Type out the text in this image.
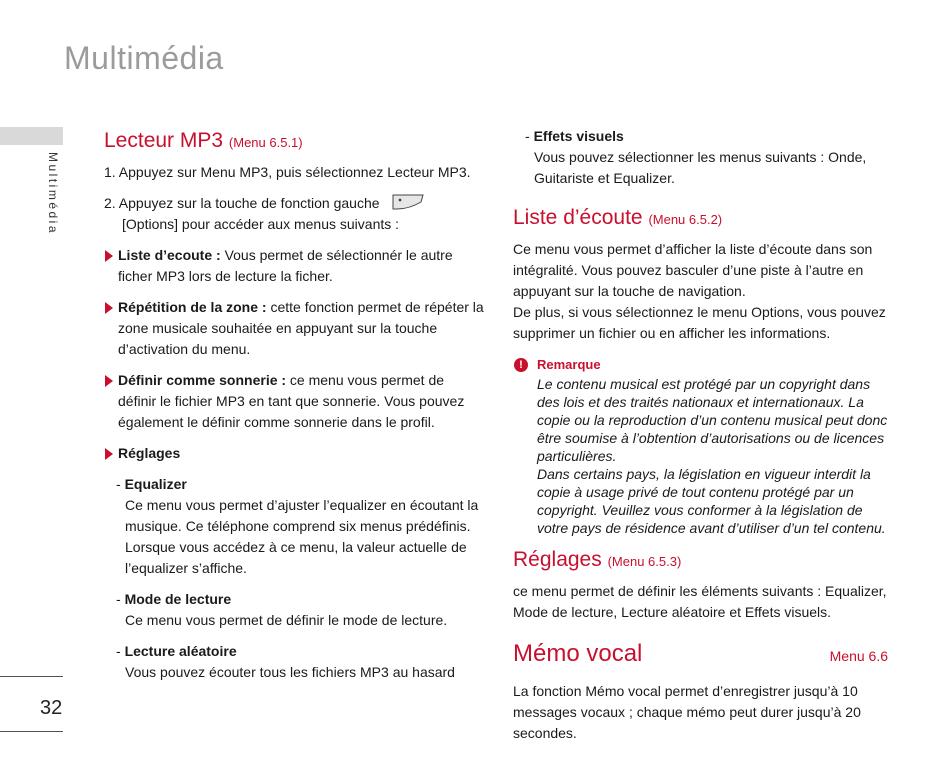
Multimédia
Multimédia
32
Lecteur MP3 (Menu 6.5.1)

1. Appuyez sur Menu MP3, puis sélectionnez Lecteur MP3.

2. Appuyez sur la touche de fonction gauche

[Options] pour accéder aux menus suivants :

Liste d’ecoute : Vous permet de sélectionnér le autre ficher MP3 lors de lecture la ficher.
Répétition de la zone : cette fonction permet de répéter la zone musicale souhaitée en appuyant sur la touche d’activation du menu.
Définir comme sonnerie : ce menu vous permet de définir le fichier MP3 en tant que sonnerie. Vous pouvez également le définir comme sonnerie dans le profil.
Réglages

- Equalizer

Ce menu vous permet d’ajuster l’equalizer en écoutant la musique. Ce téléphone comprend six menus prédéfinis. Lorsque vous accédez à ce menu, la valeur actuelle de l’equalizer s’affiche.

- Mode de lecture

Ce menu vous permet de définir le mode de lecture.

- Lecture aléatoire

Vous pouvez écouter tous les fichiers MP3 au hasard

- Effets visuels

Vous pouvez sélectionner les menus suivants : Onde, Guitariste et Equalizer.

Liste d’écoute (Menu 6.5.2)

Ce menu vous permet d’afficher la liste d’écoute dans son intégralité. Vous pouvez basculer d’une piste à l’autre en appuyant sur la touche de navigation.

De plus, si vous sélectionnez le menu Options, vous pouvez supprimer un fichier ou en afficher les informations.

!	Remarque
Le contenu musical est protégé par un copyright dans des lois et des traités nationaux et internationaux. La copie ou la reproduction d’un contenu musical peut donc être soumise à l’obtention d’autorisations ou de licences particulières.
Dans certains pays, la législation en vigueur interdit la copie à usage privé de tout contenu protégé par un copyright. Veuillez vous conformer à la législation de votre pays de résidence avant d’utiliser d’un tel contenu.
Réglages (Menu 6.5.3)

ce menu permet de définir les éléments suivants : Equalizer, Mode de lecture, Lecture aléatoire et Effets visuels.

Mémo vocal	Menu 6.6

La fonction Mémo vocal permet d’enregistrer jusqu’à 10 messages vocaux ; chaque mémo peut durer jusqu’à 20 secondes.
